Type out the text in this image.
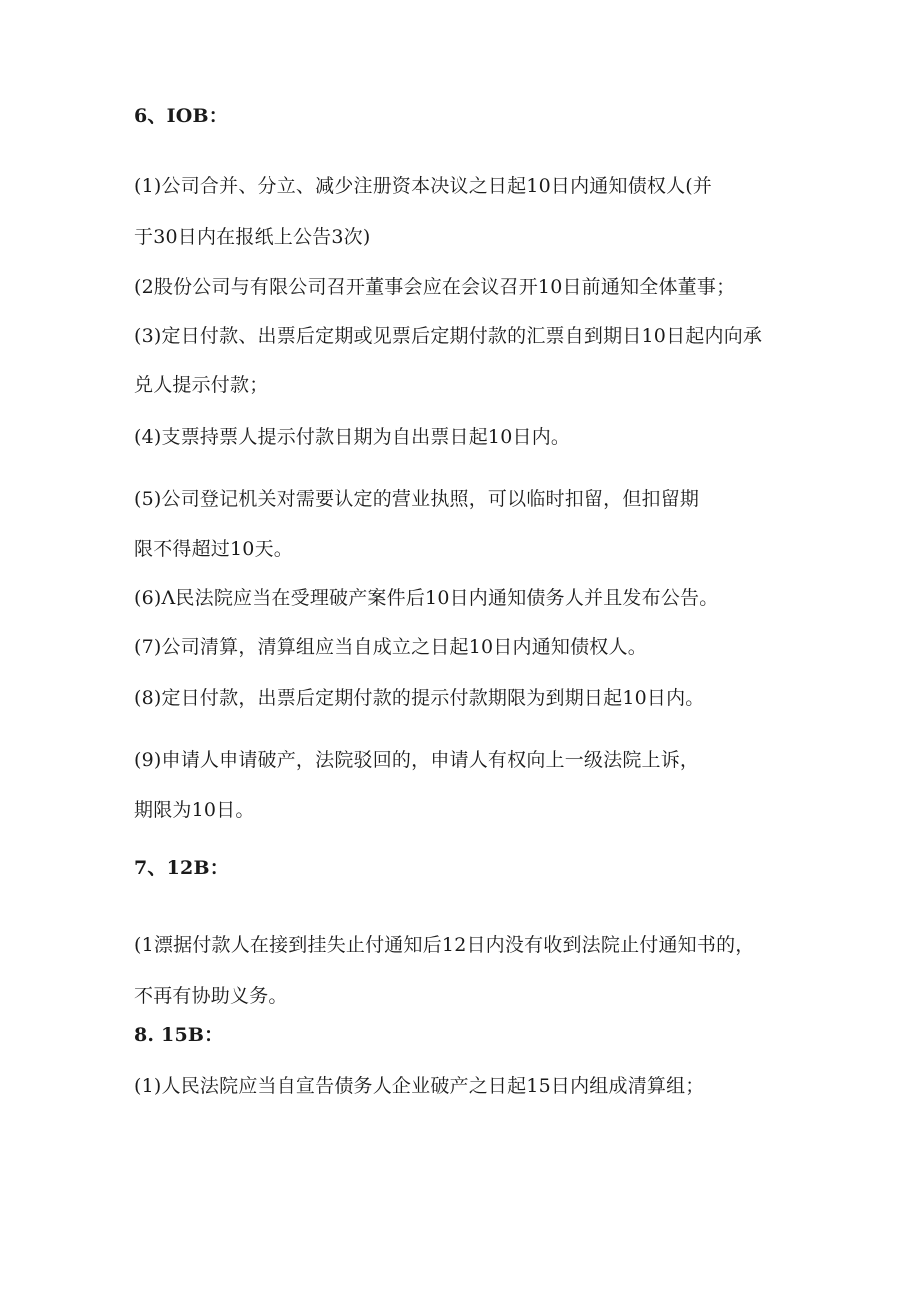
6、IOB：
(1)公司合并、分立、减少注册资本决议之日起10日内通知债权人(并
于30日内在报纸上公告3次)
(2股份公司与有限公司召开董事会应在会议召开10日前通知全体董事；
(3)定日付款、出票后定期或见票后定期付款的汇票自到期日10日起内向承
兑人提示付款；
(4)支票持票人提示付款日期为自出票日起10日内。
(5)公司登记机关对需要认定的营业执照，可以临时扣留，但扣留期
限不得超过10天。
(6)Λ民法院应当在受理破产案件后10日内通知债务人并且发布公告。
(7)公司清算，清算组应当自成立之日起10日内通知债权人。
(8)定日付款，出票后定期付款的提示付款期限为到期日起10日内。
(9)申请人申请破产，法院驳回的，申请人有权向上一级法院上诉，
期限为10日。
7、12B：
(1漂据付款人在接到挂失止付通知后12日内没有收到法院止付通知书的，
不再有协助义务。
8. 15B：
(1)人民法院应当自宣告债务人企业破产之日起15日内组成清算组；
